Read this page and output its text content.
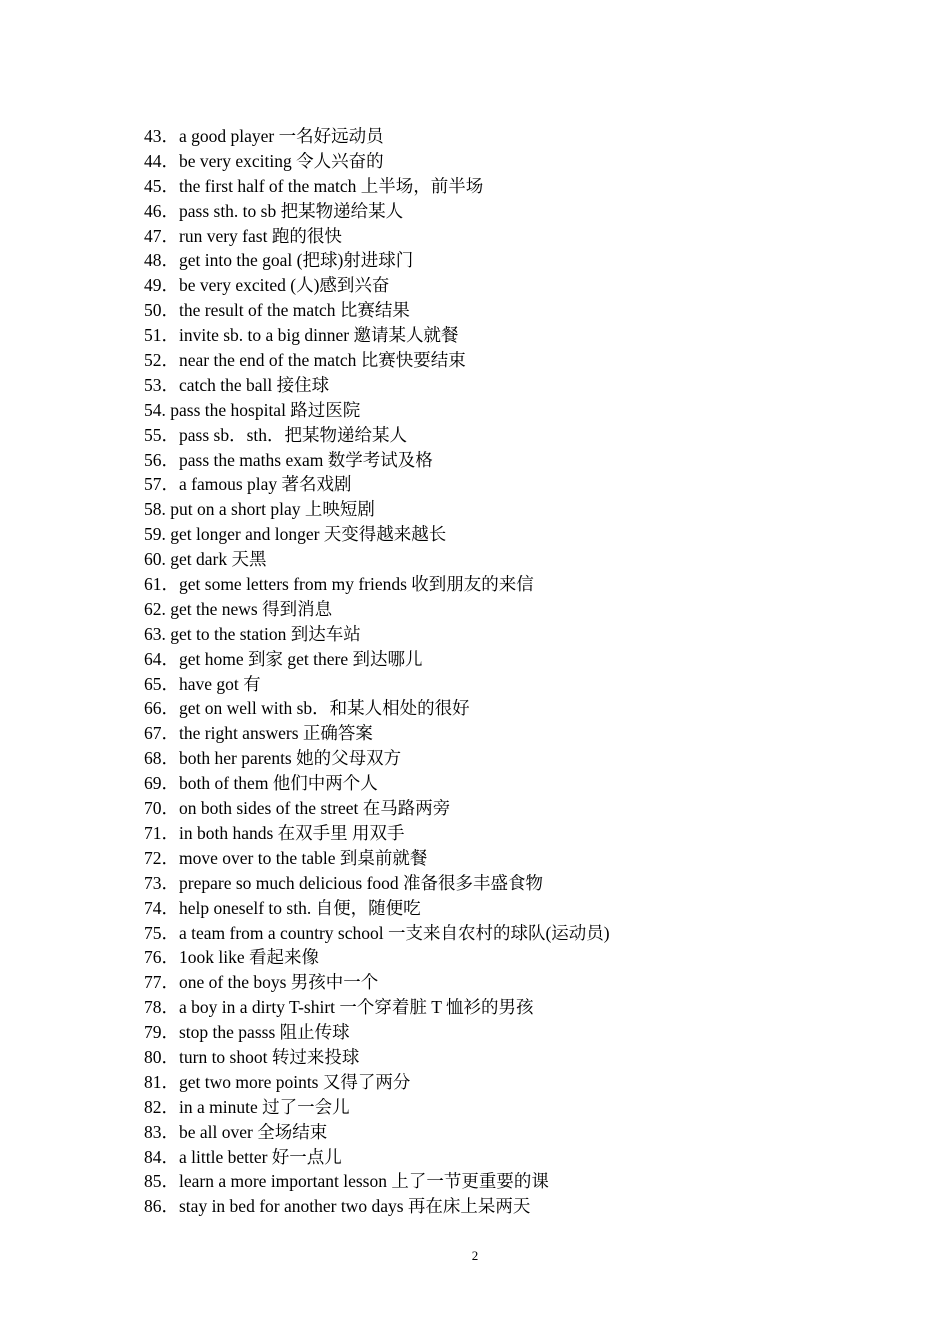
43．a good player 一名好远动员
44．be very exciting 令人兴奋的
45．the first half of the match 上半场，前半场
46．pass sth. to sb 把某物递给某人
47．run very fast 跑的很快
48．get into the goal (把球)射进球门
49．be very excited (人)感到兴奋
50．the result of the match 比赛结果
51．invite sb. to a big dinner 邀请某人就餐
52．near the end of the match 比赛快要结束
53．catch the ball 接住球
54. pass the hospital 路过医院
55．pass sb．sth．把某物递给某人
56．pass the maths exam 数学考试及格
57．a famous play 著名戏剧
58. put on a short play 上映短剧
59. get longer and longer 天变得越来越长
60. get dark 天黑
61．get some letters from my friends 收到朋友的来信
62. get the news 得到消息
63. get to the station 到达车站
64．get home 到家 get there 到达哪儿
65．have got 有
66．get on well with sb．和某人相处的很好
67．the right answers 正确答案
68．both her parents 她的父母双方
69．both of them 他们中两个人
70．on both sides of the street 在马路两旁
71．in both hands 在双手里 用双手
72．move over to the table 到桌前就餐
73．prepare so much delicious food 准备很多丰盛食物
74．help oneself to sth. 自便，随便吃
75．a team from a country school 一支来自农村的球队(运动员)
76．1ook like 看起来像
77．one of the boys 男孩中一个
78．a boy in a dirty T-shirt 一个穿着脏 T 恤衫的男孩
79．stop the passs 阻止传球
80．turn to shoot 转过来投球
81．get two more points 又得了两分
82．in a minute 过了一会儿
83．be all over 全场结束
84．a little better 好一点儿
85．learn a more important lesson 上了一节更重要的课
86．stay in bed for another two days 再在床上呆两天
2
